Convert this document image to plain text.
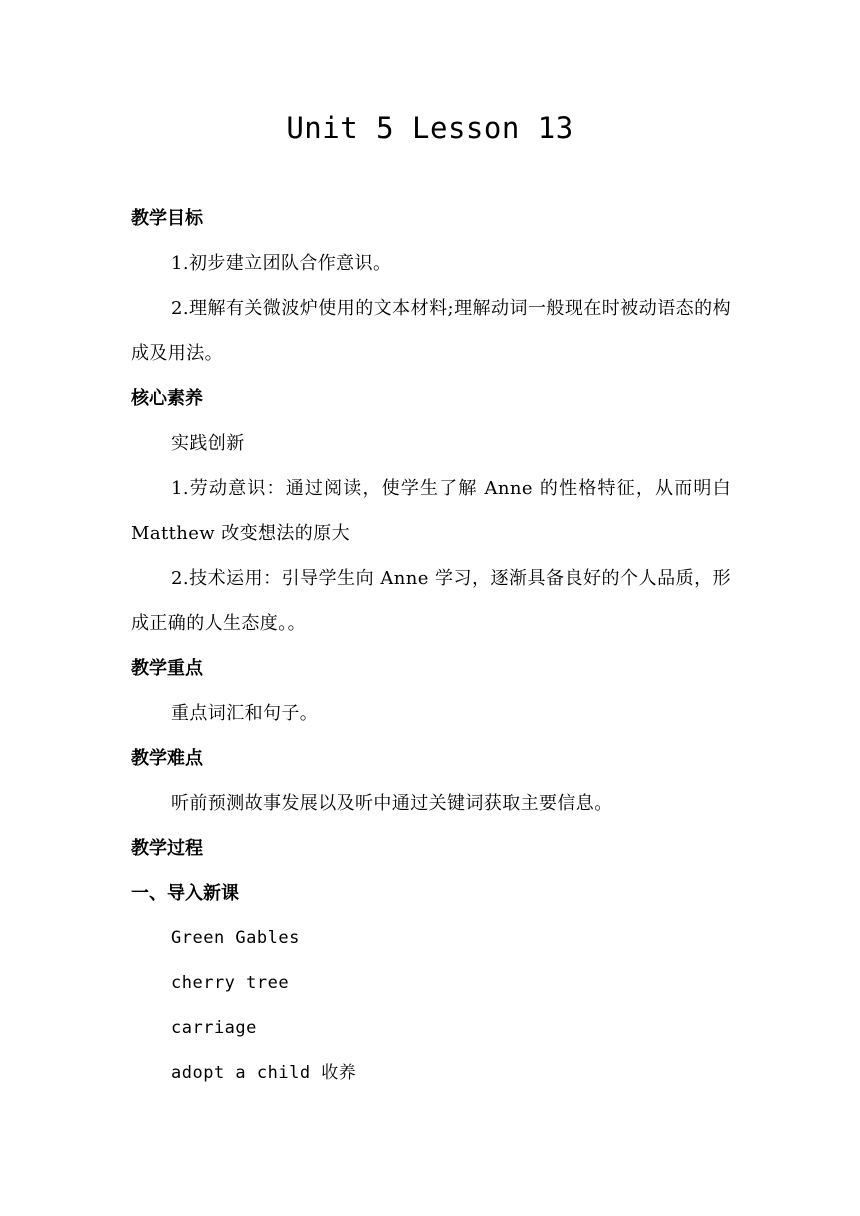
Unit 5 Lesson 13

教学目标

1.初步建立团队合作意识。

2.理解有关微波炉使用的文本材料;理解动词一般现在时被动语态的构成及用法。

核心素养

实践创新

1.劳动意识：通过阅读，使学生了解 Anne 的性格特征，从而明白 Matthew 改变想法的原大

2.技术运用：引导学生向 Anne 学习，逐渐具备良好的个人品质，形成正确的人生态度。。

教学重点

重点词汇和句子。

教学难点

听前预测故事发展以及听中通过关键词获取主要信息。

教学过程

一、导入新课

Green Gables

cherry tree

carriage

adopt a child 收养
